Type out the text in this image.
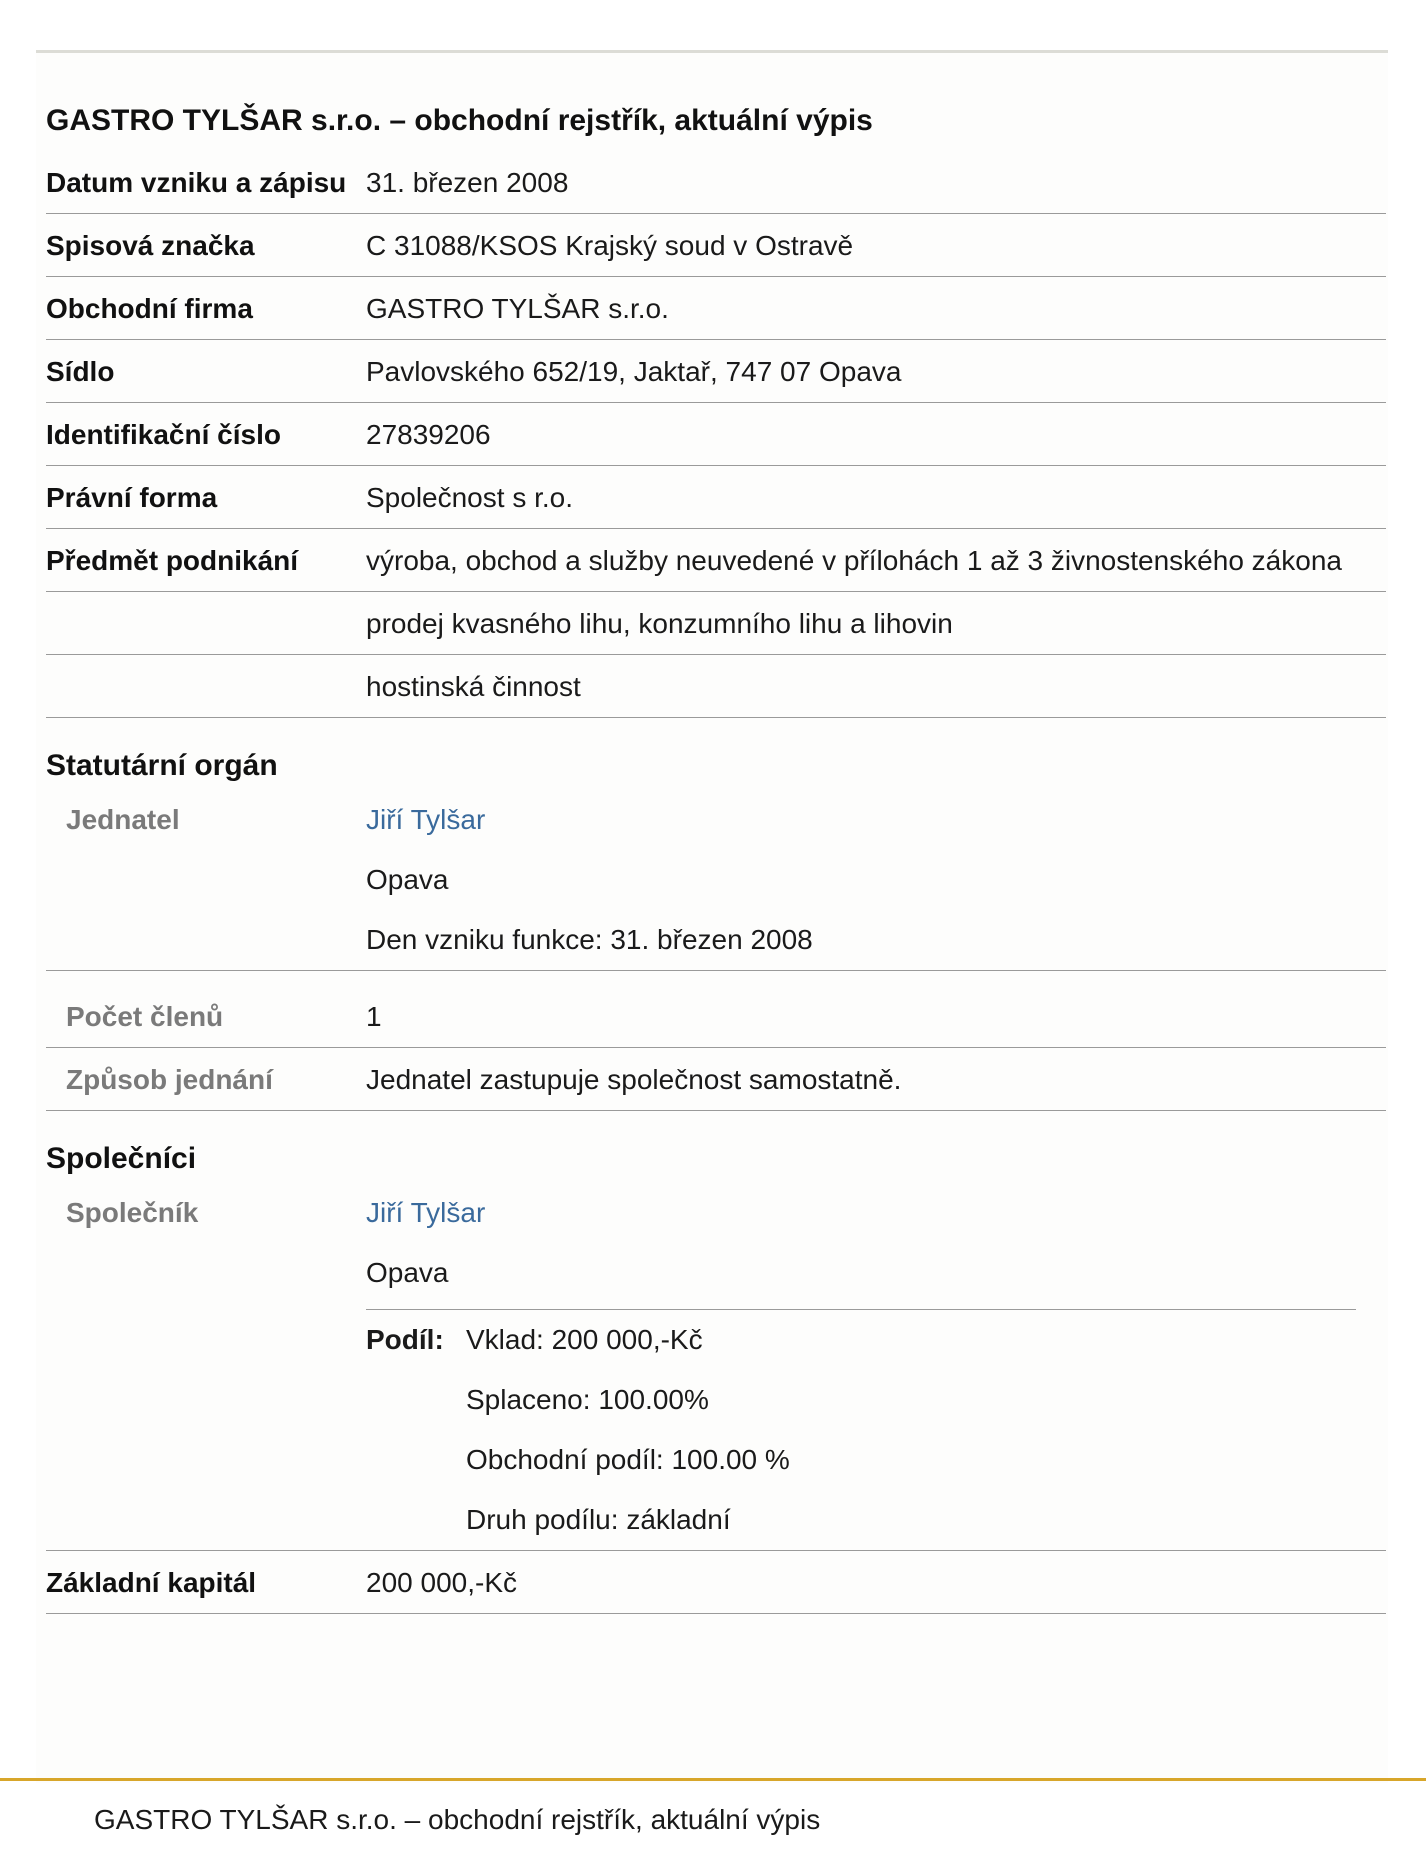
GASTRO TYLŠAR s.r.o. – obchodní rejstřík, aktuální výpis
Datum vzniku a zápisu 31. březen 2008
Spisová značka	C 31088/KSOS Krajský soud v Ostravě
Obchodní firma	GASTRO TYLŠAR s.r.o.
Sídlo	Pavlovského 652/19, Jaktař, 747 07 Opava
Identifikační číslo	27839206
Právní forma	Společnost s r.o.
Předmět podnikání	výroba, obchod a služby neuvedené v přílohách 1 až 3 živnostenského zákona
prodej kvasného lihu, konzumního lihu a lihovin
hostinská činnost
Statutární orgán
Jednatel	Jiří Tylšar
Opava
Den vzniku funkce: 31. březen 2008
Počet členů	1
Způsob jednání	Jednatel zastupuje společnost samostatně.
Společníci
Společník	Jiří Tylšar
Opava
Podíl: Vklad: 200 000,-Kč
Splaceno: 100.00%
Obchodní podíl: 100.00 %
Druh podílu: základní
Základní kapitál	200 000,-Kč
GASTRO TYLŠAR s.r.o. – obchodní rejstřík, aktuální výpis
